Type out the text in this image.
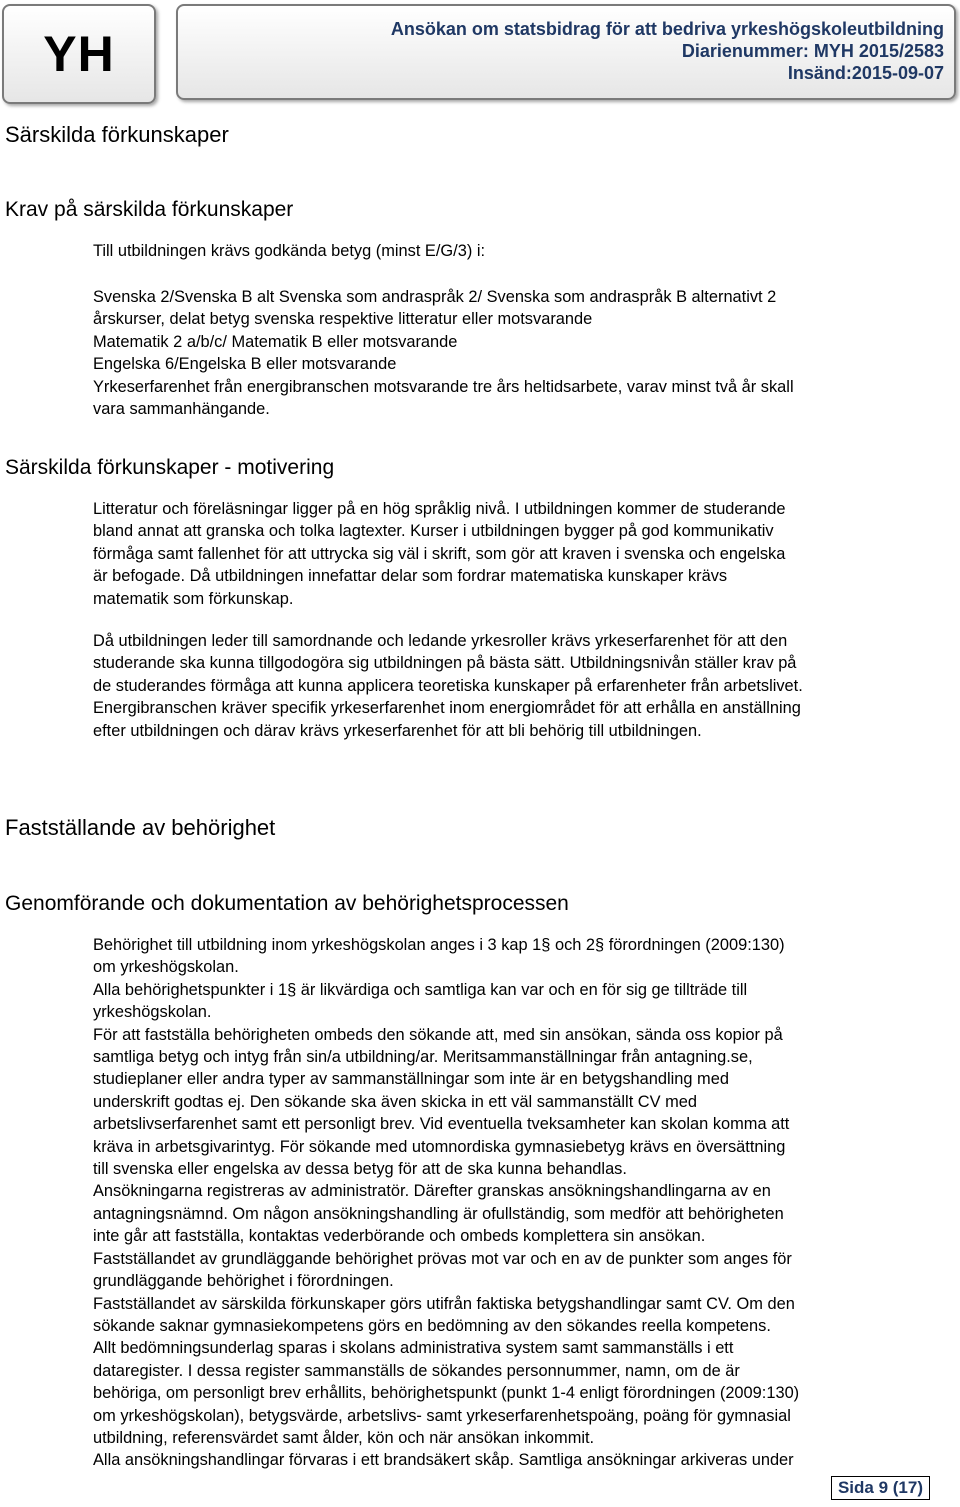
YH	Ansökan om statsbidrag för att bedriva yrkeshögskoleutbildning
Diarienummer: MYH 2015/2583
Insänd:2015-09-07
Särskilda förkunskaper
Krav på särskilda förkunskaper

Till utbildningen krävs godkända betyg (minst E/G/3) i:

Svenska 2/Svenska B alt Svenska som andraspråk 2/ Svenska som andraspråk B alternativt 2

årskurser, delat betyg svenska respektive litteratur eller motsvarande

Matematik 2 a/b/c/ Matematik B eller motsvarande

Engelska 6/Engelska B eller motsvarande

Yrkeserfarenhet från energibranschen motsvarande tre års heltidsarbete, varav minst två år skall

vara sammanhängande.

Särskilda förkunskaper - motivering

Litteratur och föreläsningar ligger på en hög språklig nivå. I utbildningen kommer de studerande

bland annat att granska och tolka lagtexter. Kurser i utbildningen bygger på god kommunikativ

förmåga samt fallenhet för att uttrycka sig väl i skrift, som gör att kraven i svenska och engelska

är befogade. Då utbildningen innefattar delar som fordrar matematiska kunskaper krävs

matematik som förkunskap.

Då utbildningen leder till samordnande och ledande yrkesroller krävs yrkeserfarenhet för att den

studerande ska kunna tillgodogöra sig utbildningen på bästa sätt. Utbildningsnivån ställer krav på

de studerandes förmåga att kunna applicera teoretiska kunskaper på erfarenheter från arbetslivet.

Energibranschen kräver specifik yrkeserfarenhet inom energiområdet för att erhålla en anställning

efter utbildningen och därav krävs yrkeserfarenhet för att bli behörig till utbildningen.

Fastställande av behörighet
Genomförande och dokumentation av behörighetsprocessen

Behörighet till utbildning inom yrkeshögskolan anges i 3 kap 1§ och 2§ förordningen (2009:130)

om yrkeshögskolan.

Alla behörighetspunkter i 1§ är likvärdiga och samtliga kan var och en för sig ge tillträde till

yrkeshögskolan.

För att fastställa behörigheten ombeds den sökande att, med sin ansökan, sända oss kopior på

samtliga betyg och intyg från sin/a utbildning/ar. Meritsammanställningar från antagning.se,

studieplaner eller andra typer av sammanställningar som inte är en betygshandling med

underskrift godtas ej. Den sökande ska även skicka in ett väl sammanställt CV med

arbetslivserfarenhet samt ett personligt brev. Vid eventuella tveksamheter kan skolan komma att

kräva in arbetsgivarintyg. För sökande med utomnordiska gymnasiebetyg krävs en översättning

till svenska eller engelska av dessa betyg för att de ska kunna behandlas.

Ansökningarna registreras av administratör. Därefter granskas ansökningshandlingarna av en

antagningsnämnd. Om någon ansökningshandling är ofullständig, som medför att behörigheten

inte går att fastställa, kontaktas vederbörande och ombeds komplettera sin ansökan.

Fastställandet av grundläggande behörighet prövas mot var och en av de punkter som anges för

grundläggande behörighet i förordningen.

Fastställandet av särskilda förkunskaper görs utifrån faktiska betygshandlingar samt CV. Om den

sökande saknar gymnasiekompetens görs en bedömning av den sökandes reella kompetens.

Allt bedömningsunderlag sparas i skolans administrativa system samt sammanställs i ett

dataregister. I dessa register sammanställs de sökandes personnummer, namn, om de är

behöriga, om personligt brev erhållits, behörighetspunkt (punkt 1-4 enligt förordningen (2009:130)

om yrkeshögskolan), betygsvärde, arbetslivs- samt yrkeserfarenhetspoäng, poäng för gymnasial

utbildning, referensvärdet samt ålder, kön och när ansökan inkommit.

Alla ansökningshandlingar förvaras i ett brandsäkert skåp. Samtliga ansökningar arkiveras under

Sida 9 (17)
